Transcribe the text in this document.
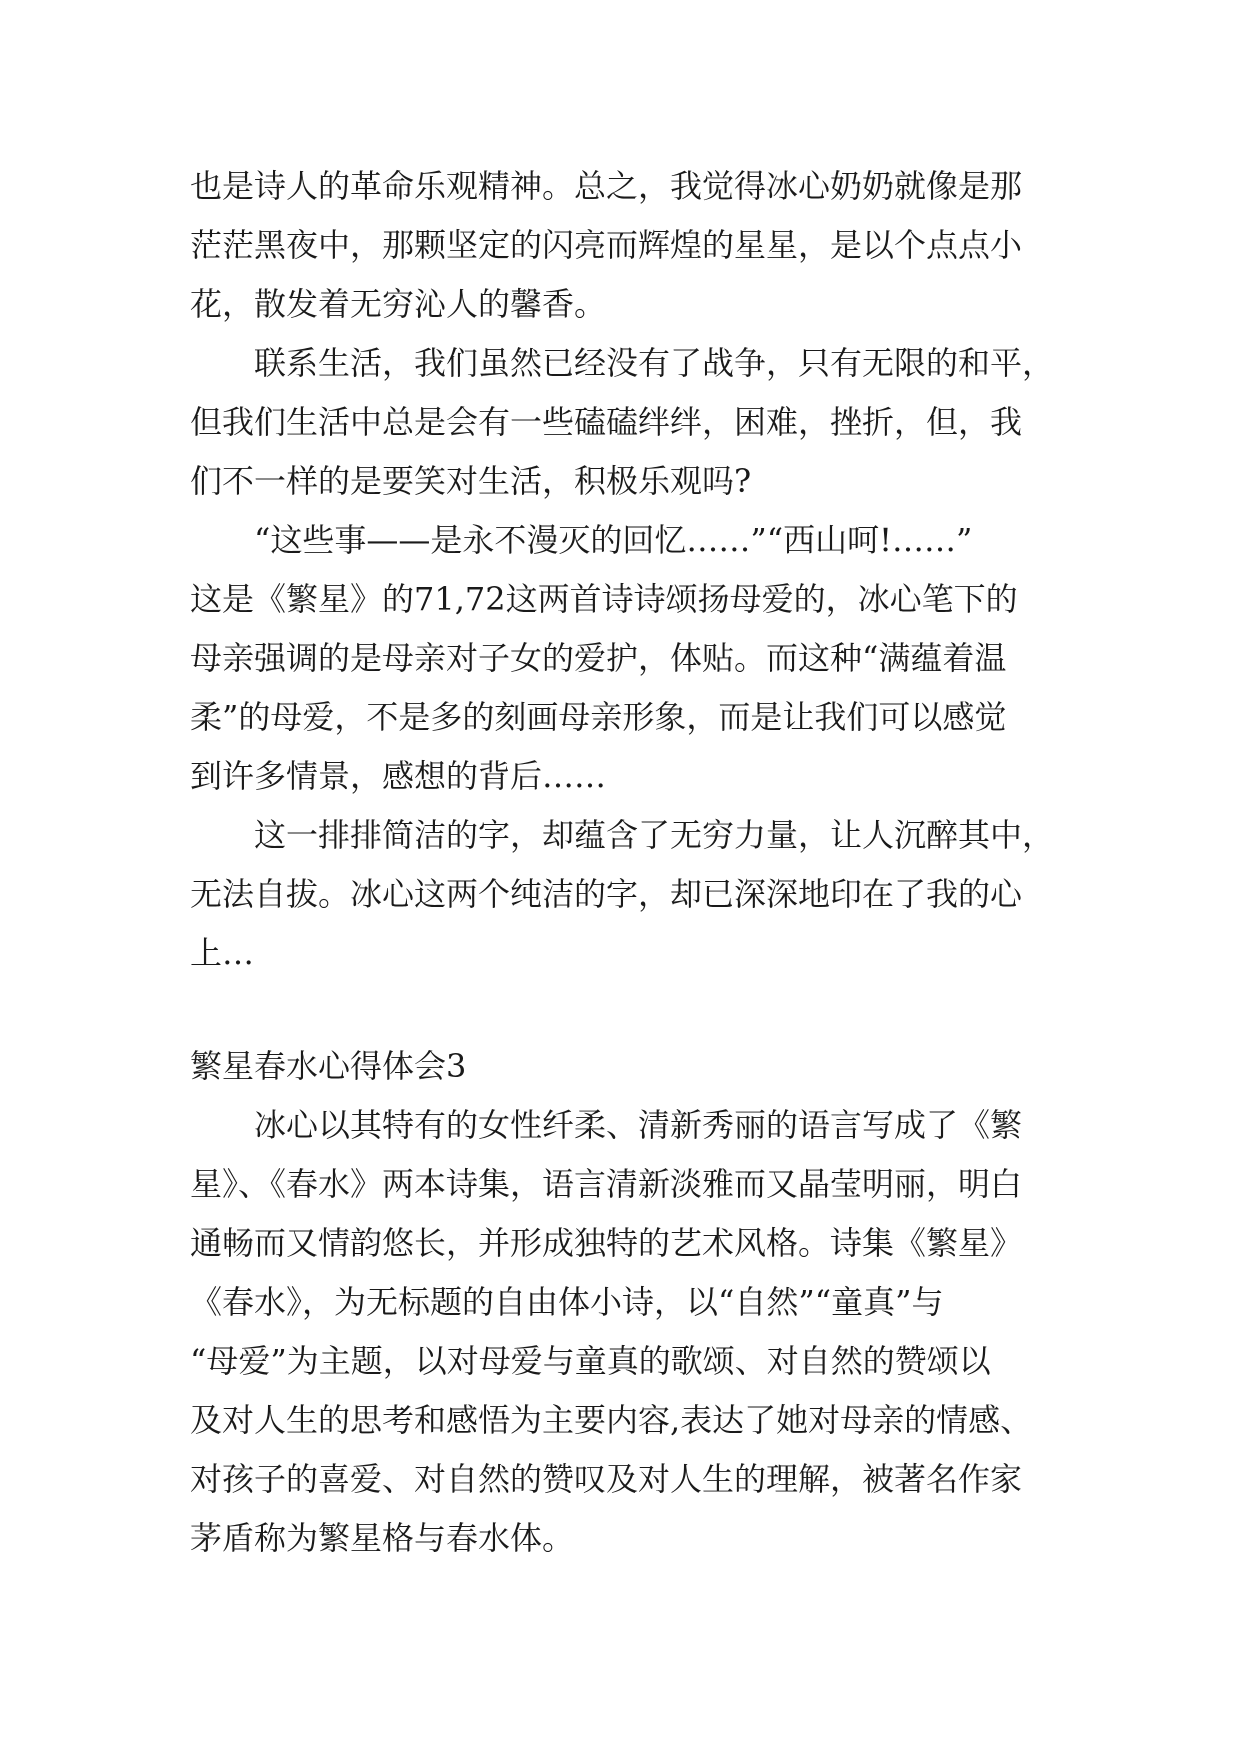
也是诗人的革命乐观精神。总之，我觉得冰心奶奶就像是那
茫茫黑夜中，那颗坚定的闪亮而辉煌的星星，是以个点点小
花，散发着无穷沁人的馨香。
联系生活，我们虽然已经没有了战争，只有无限的和平，
但我们生活中总是会有一些磕磕绊绊，困难，挫折，但，我
们不一样的是要笑对生活，积极乐观吗?
“这些事——是永不漫灭的回忆……”“西山呵!……”
这是《繁星》的71,72这两首诗诗颂扬母爱的，冰心笔下的
母亲强调的是母亲对子女的爱护，体贴。而这种“满蕴着温
柔”的母爱，不是多的刻画母亲形象，而是让我们可以感觉
到许多情景，感想的背后……
这一排排简洁的字，却蕴含了无穷力量，让人沉醉其中，
无法自拔。冰心这两个纯洁的字，却已深深地印在了我的心
上…
繁星春水心得体会3
冰心以其特有的女性纤柔、清新秀丽的语言写成了《繁
星》、《春水》两本诗集，语言清新淡雅而又晶莹明丽，明白
通畅而又情韵悠长，并形成独特的艺术风格。诗集《繁星》
《春水》，为无标题的自由体小诗，以“自然”“童真”与
“母爱”为主题，以对母爱与童真的歌颂、对自然的赞颂以
及对人生的思考和感悟为主要内容,表达了她对母亲的情感、
对孩子的喜爱、对自然的赞叹及对人生的理解，被著名作家
茅盾称为繁星格与春水体。
